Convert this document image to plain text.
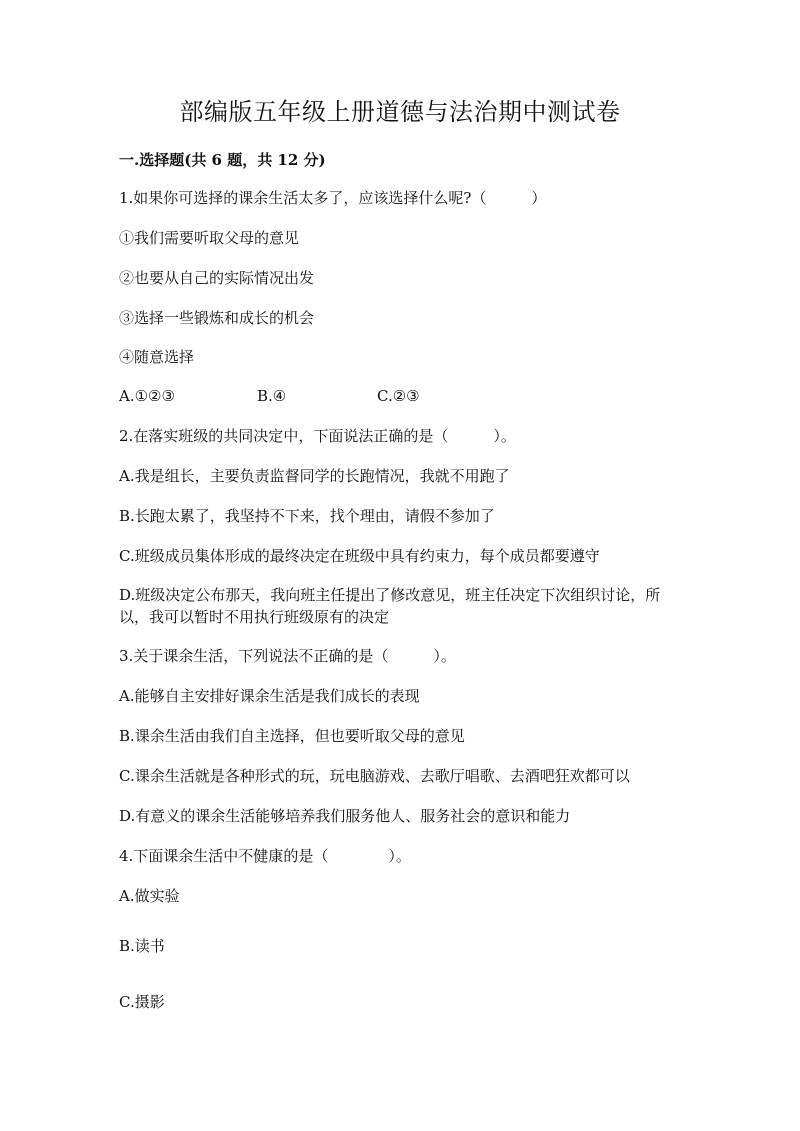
部编版五年级上册道德与法治期中测试卷
一.选择题(共 6 题，共 12 分)
1.如果你可选择的课余生活太多了，应该选择什么呢?（　　　）
①我们需要听取父母的意见
②也要从自己的实际情况出发
③选择一些锻炼和成长的机会
④随意选择
A.①②③	B.④	C.②③
2.在落实班级的共同决定中，下面说法正确的是（　　　）。
A.我是组长，主要负责监督同学的长跑情况，我就不用跑了
B.长跑太累了，我坚持不下来，找个理由，请假不参加了
C.班级成员集体形成的最终决定在班级中具有约束力，每个成员都要遵守
D.班级决定公布那天，我向班主任提出了修改意见，班主任决定下次组织讨论，所以，我可以暂时不用执行班级原有的决定
3.关于课余生活，下列说法不正确的是（　　　）。
A.能够自主安排好课余生活是我们成长的表现
B.课余生活由我们自主选择，但也要听取父母的意见
C.课余生活就是各种形式的玩，玩电脑游戏、去歌厅唱歌、去酒吧狂欢都可以
D.有意义的课余生活能够培养我们服务他人、服务社会的意识和能力
4.下面课余生活中不健康的是（　　　　）。
A.做实验
B.读书
C.摄影
